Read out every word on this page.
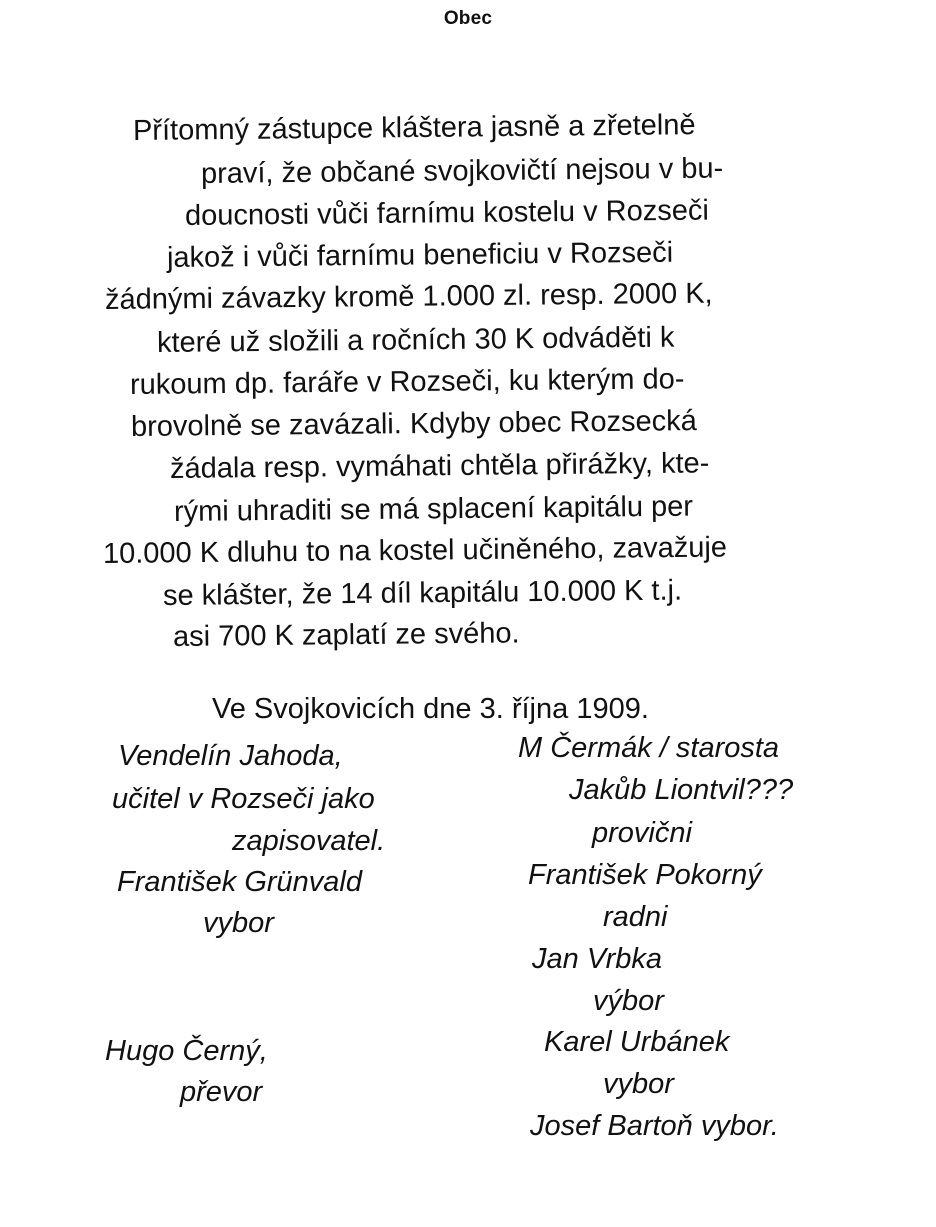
Obec
Přítomný zástupce kláštera jasně a zřetelně
praví, že občané svojkovičtí nejsou v bu-
doucnosti vůči farnímu kostelu v Rozseči
jakož i vůči farnímu beneficiu v Rozseči
žádnými závazky kromě 1.000 zl. resp. 2000 K,
které už složili a ročních 30 K odváděti k
rukoum dp. faráře v Rozseči, ku kterým do-
brovolně se zavázali. Kdyby obec Rozsecká
žádala resp. vymáhati chtěla přirážky, kte-
rými uhraditi se má splacení kapitálu per
10.000 K dluhu to na kostel učiněného, zavažuje
se klášter, že 14 díl kapitálu 10.000 K t.j.
asi 700 K zaplatí ze svého.
Ve Svojkovicích dne 3. října 1909.
Vendelín Jahoda,
učitel v Rozseči jako
zapisovatel.
František Grünvald
vybor
Hugo Černý,
převor
M Čermák / starosta
Jakůb Liontvil???
provični
František Pokorný
radni
Jan Vrbka
výbor
Karel Urbánek
vybor
Josef Bartoň vybor.
